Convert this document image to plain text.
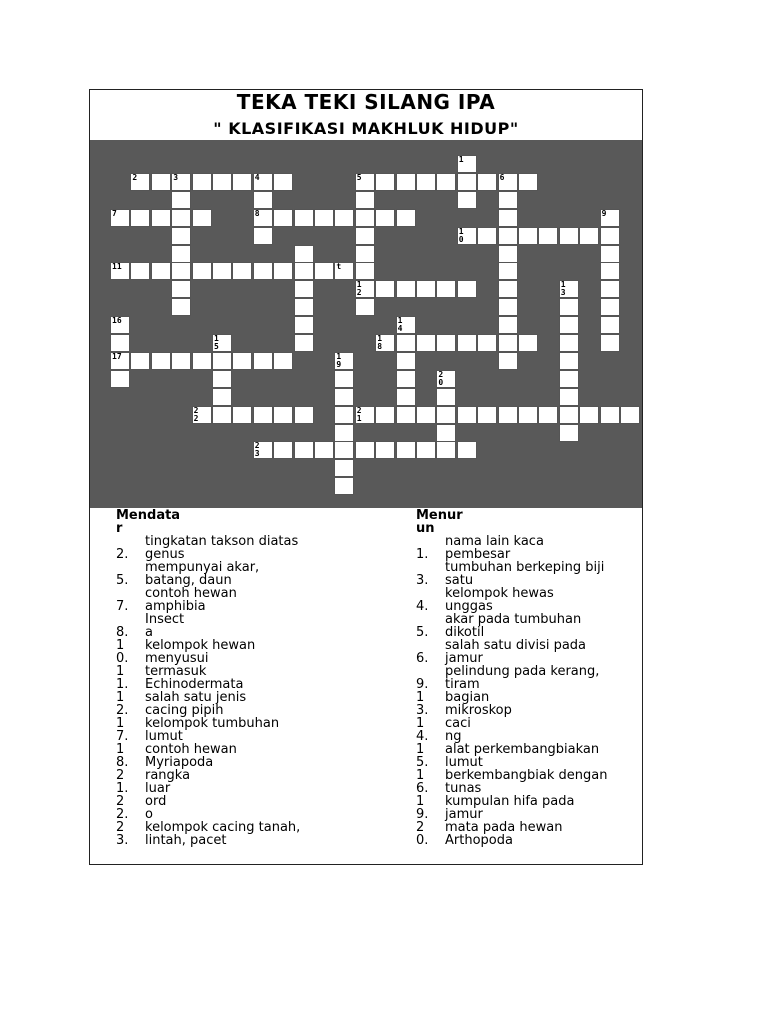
TEKA TEKI SILANG IPA
" KLASIFIKASI MAKHLUK HIDUP"
2	3	4	5	6
7	8
1
0
11	t
1
2
1
8
17
2
2
2
1
2
3
1
9
1
3
16	1
4
1
5
1
9
2
0
Mendata
r
tingkatan takson diatas
2. genus
mempunyai akar,
5. batang, daun
contoh hewan
7. amphibia
Insect
8. a
1 kelompok hewan
0. menyusui
1 termasuk
1. Echinodermata
1 salah satu jenis
2. cacing pipih
1 kelompok tumbuhan
7. lumut
1 contoh hewan
8. Myriapoda
2 rangka
1. luar
2 ord
2. o
2 kelompok cacing tanah,
3. lintah, pacet
Menur
un
nama lain kaca
1. pembesar
tumbuhan berkeping biji
3. satu
kelompok hewas
4. unggas
akar pada tumbuhan
5. dikotil
salah satu divisi pada
6. jamur
pelindung pada kerang,
9. tiram
1 bagian
3. mikroskop
1 caci
4. ng
1 alat perkembangbiakan
5. lumut
1 berkembangbiak dengan
6. tunas
1 kumpulan hifa pada
9. jamur
2 mata pada hewan
0. Arthopoda
